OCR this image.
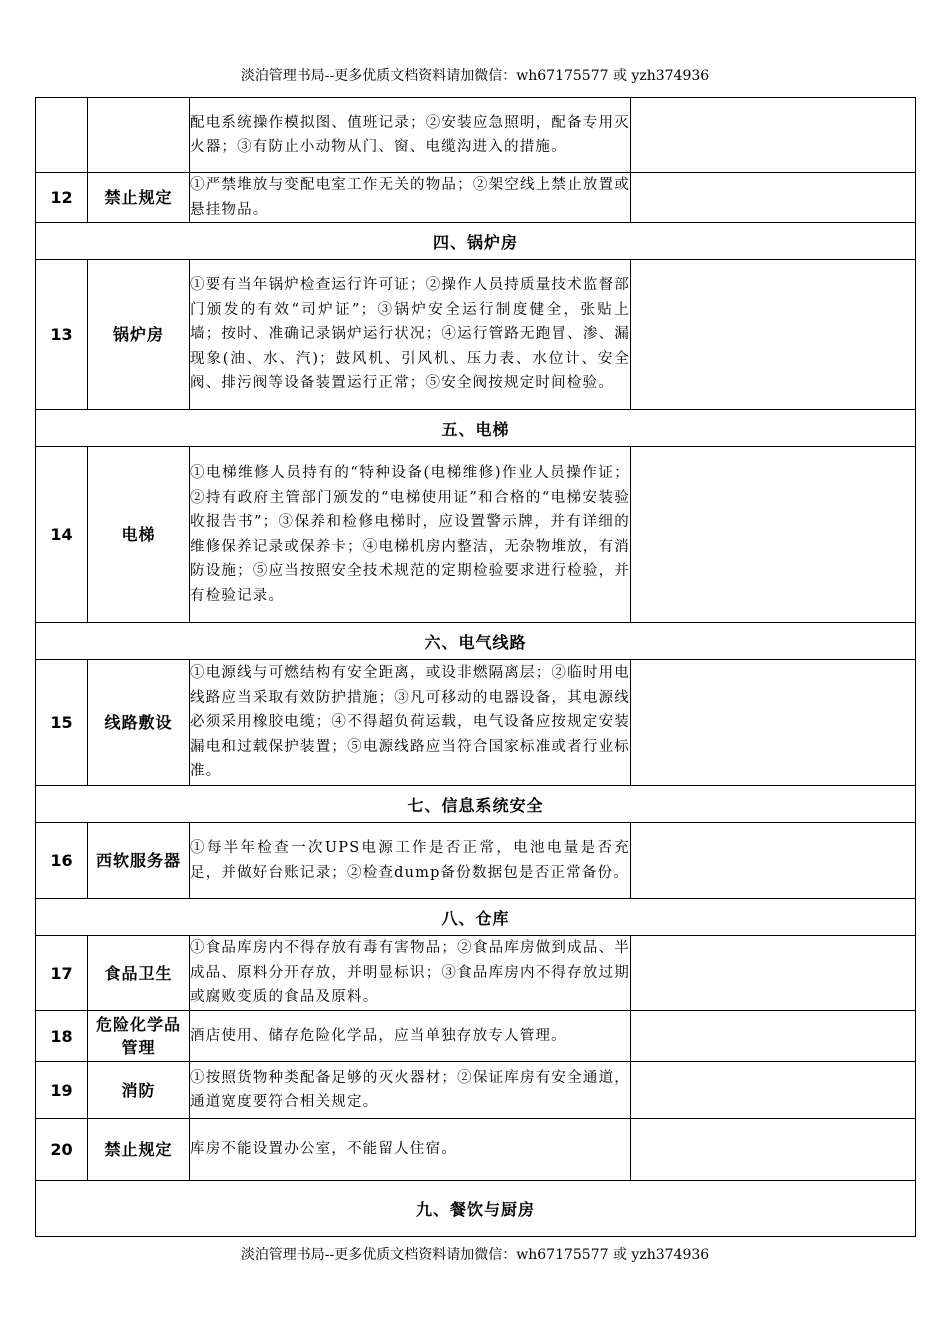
淡泊管理书局--更多优质文档资料请加微信：wh67175577 或 yzh374936
		配电系统操作模拟图、值班记录；②安装应急照明，配备专用灭火器；③有防止小动物从门、窗、电缆沟进入的措施。	
12	禁止规定	①严禁堆放与变配电室工作无关的物品；②架空线上禁止放置或悬挂物品。	
四、锅炉房			
13	锅炉房	①要有当年锅炉检查运行许可证；②操作人员持质量技术监督部门颁发的有效“司炉证”；③锅炉安全运行制度健全，张贴上墙；按时、准确记录锅炉运行状况；④运行管路无跑冒、渗、漏现象(油、水、汽)；鼓风机、引风机、压力表、水位计、安全阀、排污阀等设备装置运行正常；⑤安全阀按规定时间检验。	
五、电梯			
14	电梯	①电梯维修人员持有的“特种设备(电梯维修)作业人员操作证；②持有政府主管部门颁发的“电梯使用证”和合格的“电梯安装验收报告书”；③保养和检修电梯时，应设置警示牌，并有详细的维修保养记录或保养卡；④电梯机房内整洁，无杂物堆放，有消防设施；⑤应当按照安全技术规范的定期检验要求进行检验，并有检验记录。	
六、电气线路			
15	线路敷设	①电源线与可燃结构有安全距离，或设非燃隔离层；②临时用电线路应当采取有效防护措施；③凡可移动的电器设备，其电源线必须采用橡胶电缆；④不得超负荷运载，电气设备应按规定安装漏电和过载保护装置；⑤电源线路应当符合国家标准或者行业标准。	
七、信息系统安全			
16	西软服务器	①每半年检查一次UPS电源工作是否正常，电池电量是否充足，并做好台账记录；②检查dump备份数据包是否正常备份。	
八、仓库			
17	食品卫生	①食品库房内不得存放有毒有害物品；②食品库房做到成品、半成品、原料分开存放，并明显标识；③食品库房内不得存放过期或腐败变质的食品及原料。	
18	危险化学品管理	酒店使用、储存危险化学品，应当单独存放专人管理。	
19	消防	①按照货物种类配备足够的灭火器材；②保证库房有安全通道，通道宽度要符合相关规定。	
20	禁止规定	库房不能设置办公室，不能留人住宿。	
九、餐饮与厨房			
淡泊管理书局--更多优质文档资料请加微信：wh67175577 或 yzh374936
